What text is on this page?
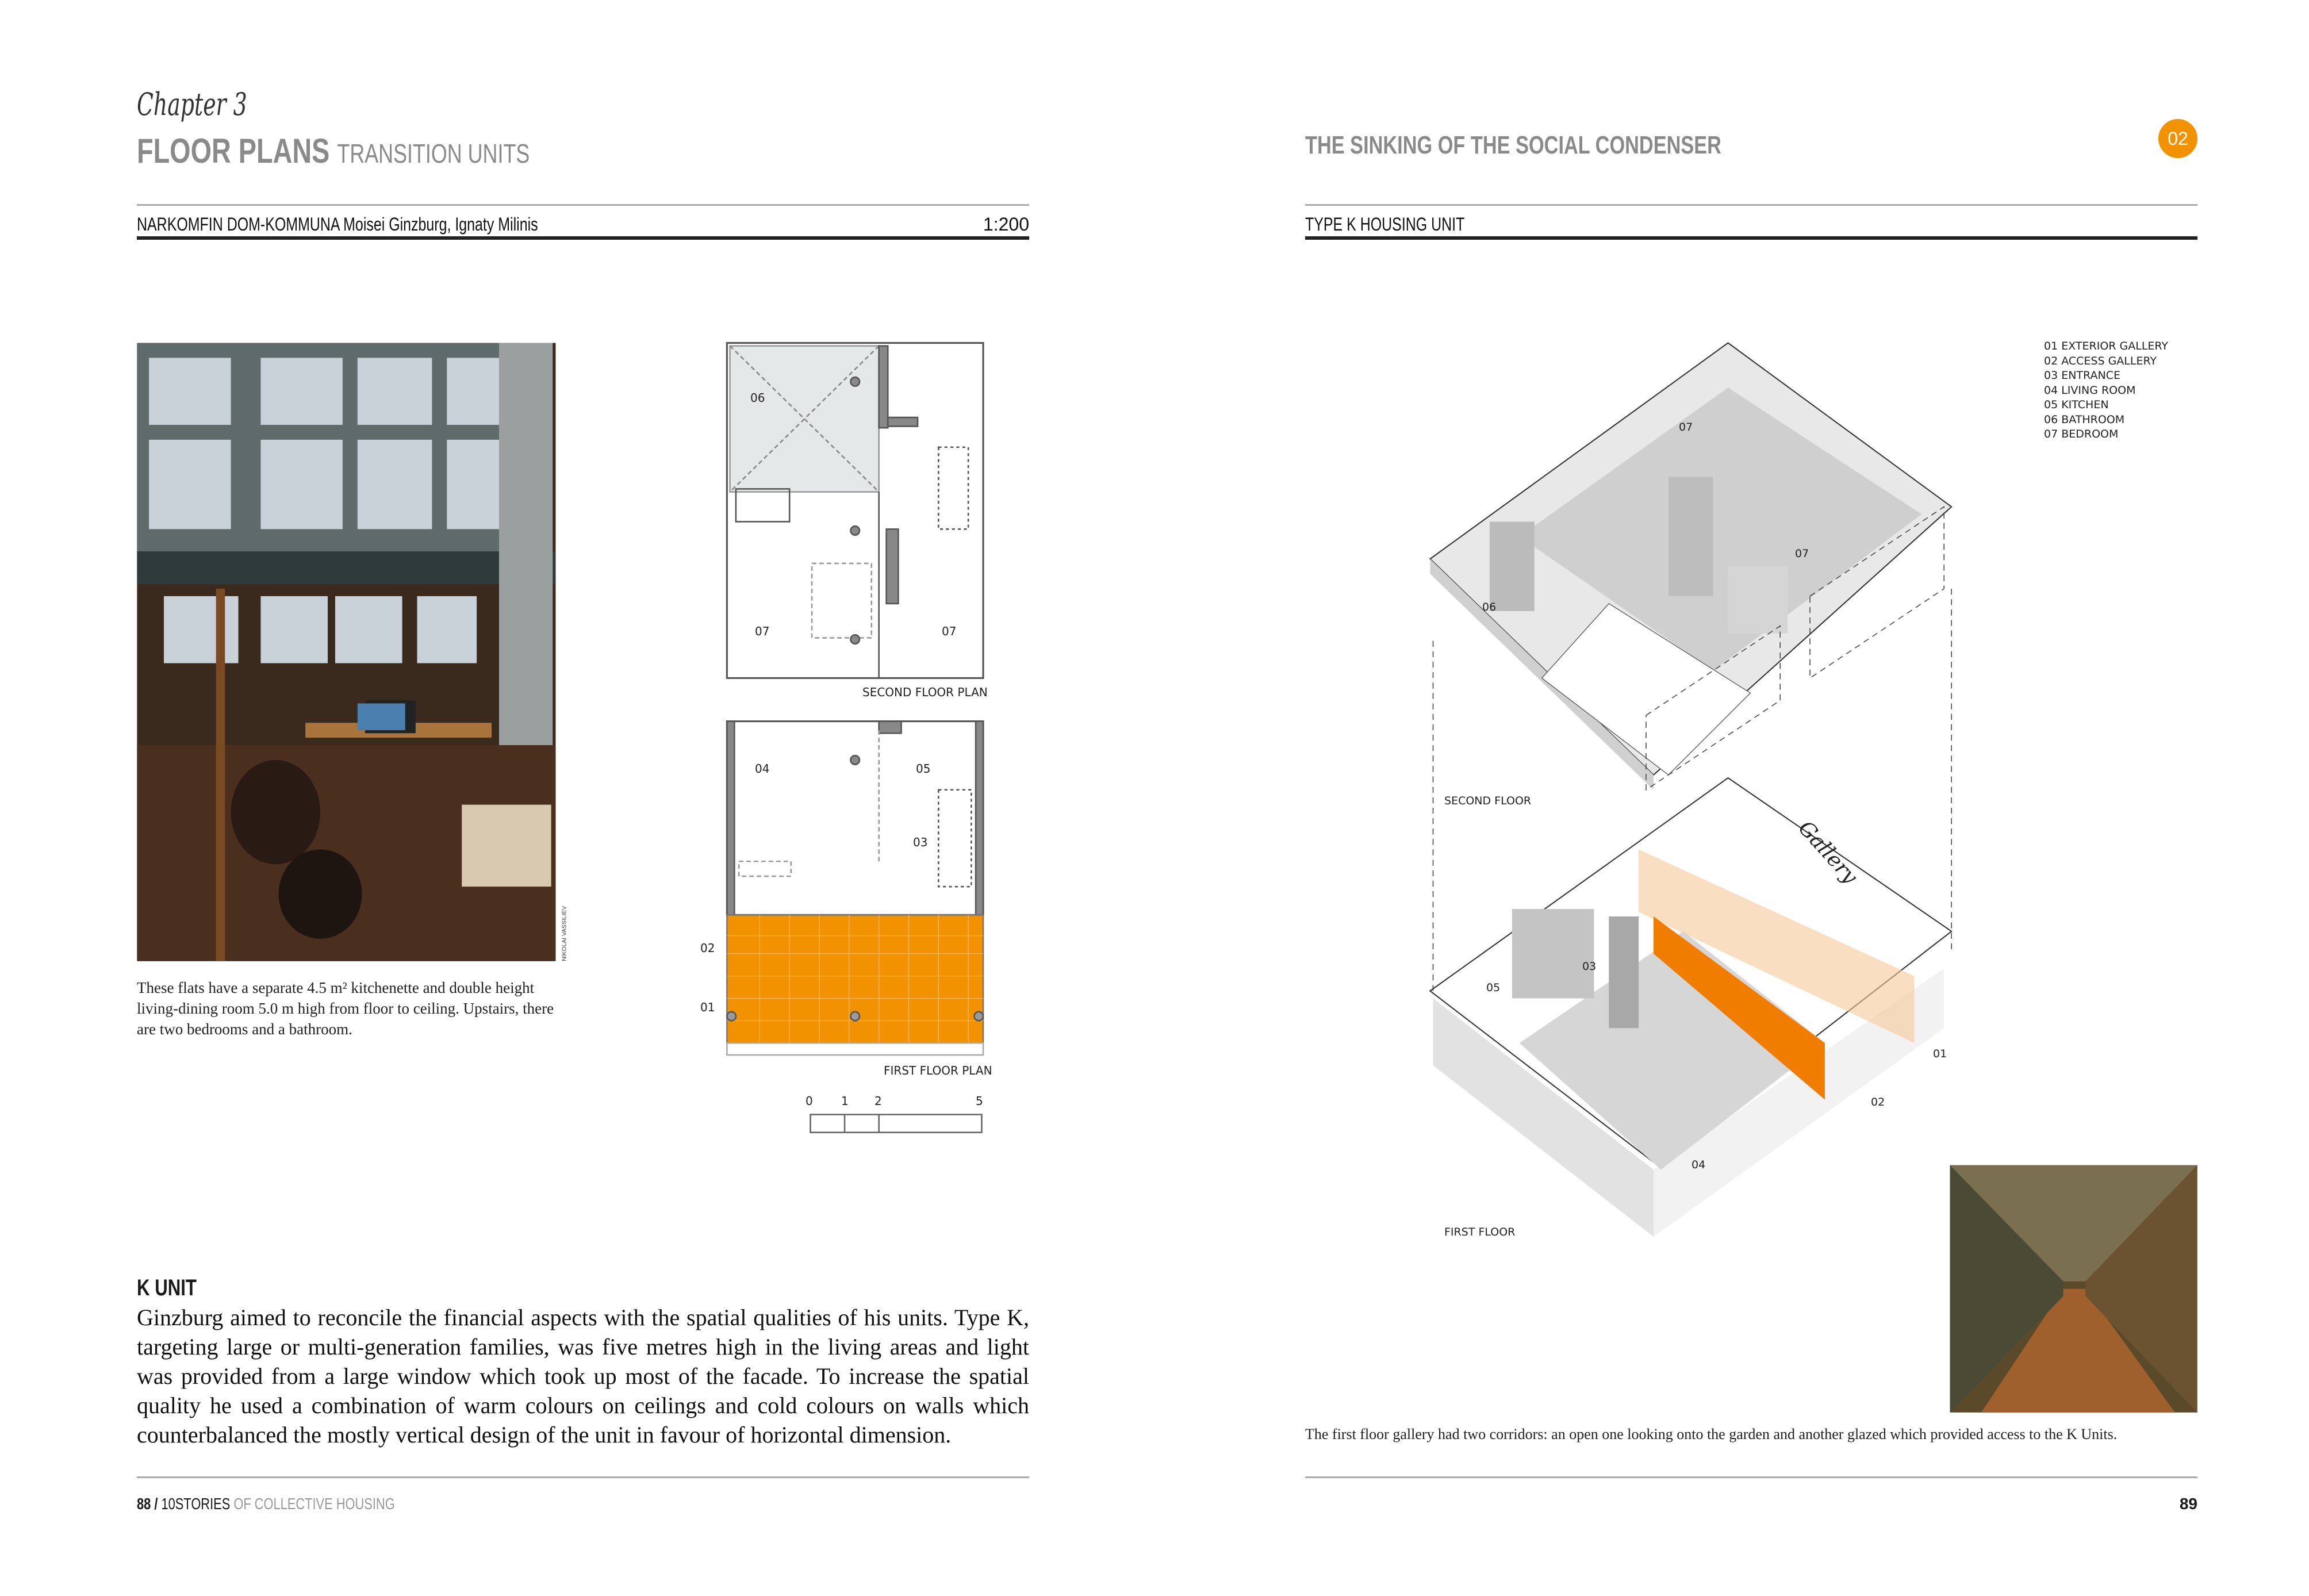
NIKOLAI VASSILIEV
Chapter 3
FLOOR PLANS TRANSITION UNITS
NARKOMFIN DOM-KOMMUNA Moisei Ginzburg, Ignaty Milinis	1:200
These flats have a separate 4.5 m² kitchenette and double height living-dining room 5.0 m high from floor to ceiling. Upstairs, there are two bedrooms and a bathroom.
06
07	07
SECOND FLOOR PLAN
04	05
03
02
01
FIRST FLOOR PLAN
0 1 2	5
K UNIT
Ginzburg aimed to reconcile the financial aspects with the spatial qualities of his units. Type K, targeting large or multi-generation families, was five metres high in the living areas and light was provided from a large window which took up most of the facade. To increase the spatial quality he used a combination of warm colours on ceilings and cold colours on walls which counterbalanced the mostly vertical design of the unit in favour of horizontal dimension.
88 / 10STORIES OF COLLECTIVE HOUSING
THE SINKING OF THE SOCIAL CONDENSER	02
TYPE K HOUSING UNIT
01 EXTERIOR GALLERY
02 ACCESS GALLERY
03 ENTRANCE
04 LIVING ROOM
05 KITCHEN
06 BATHROOM
07 BEDROOM
07
07
06
SECOND FLOOR
Gallery
05
03
01
02
04
FIRST FLOOR
The first floor gallery had two corridors: an open one looking onto the garden and another glazed which provided access to the K Units.
89
